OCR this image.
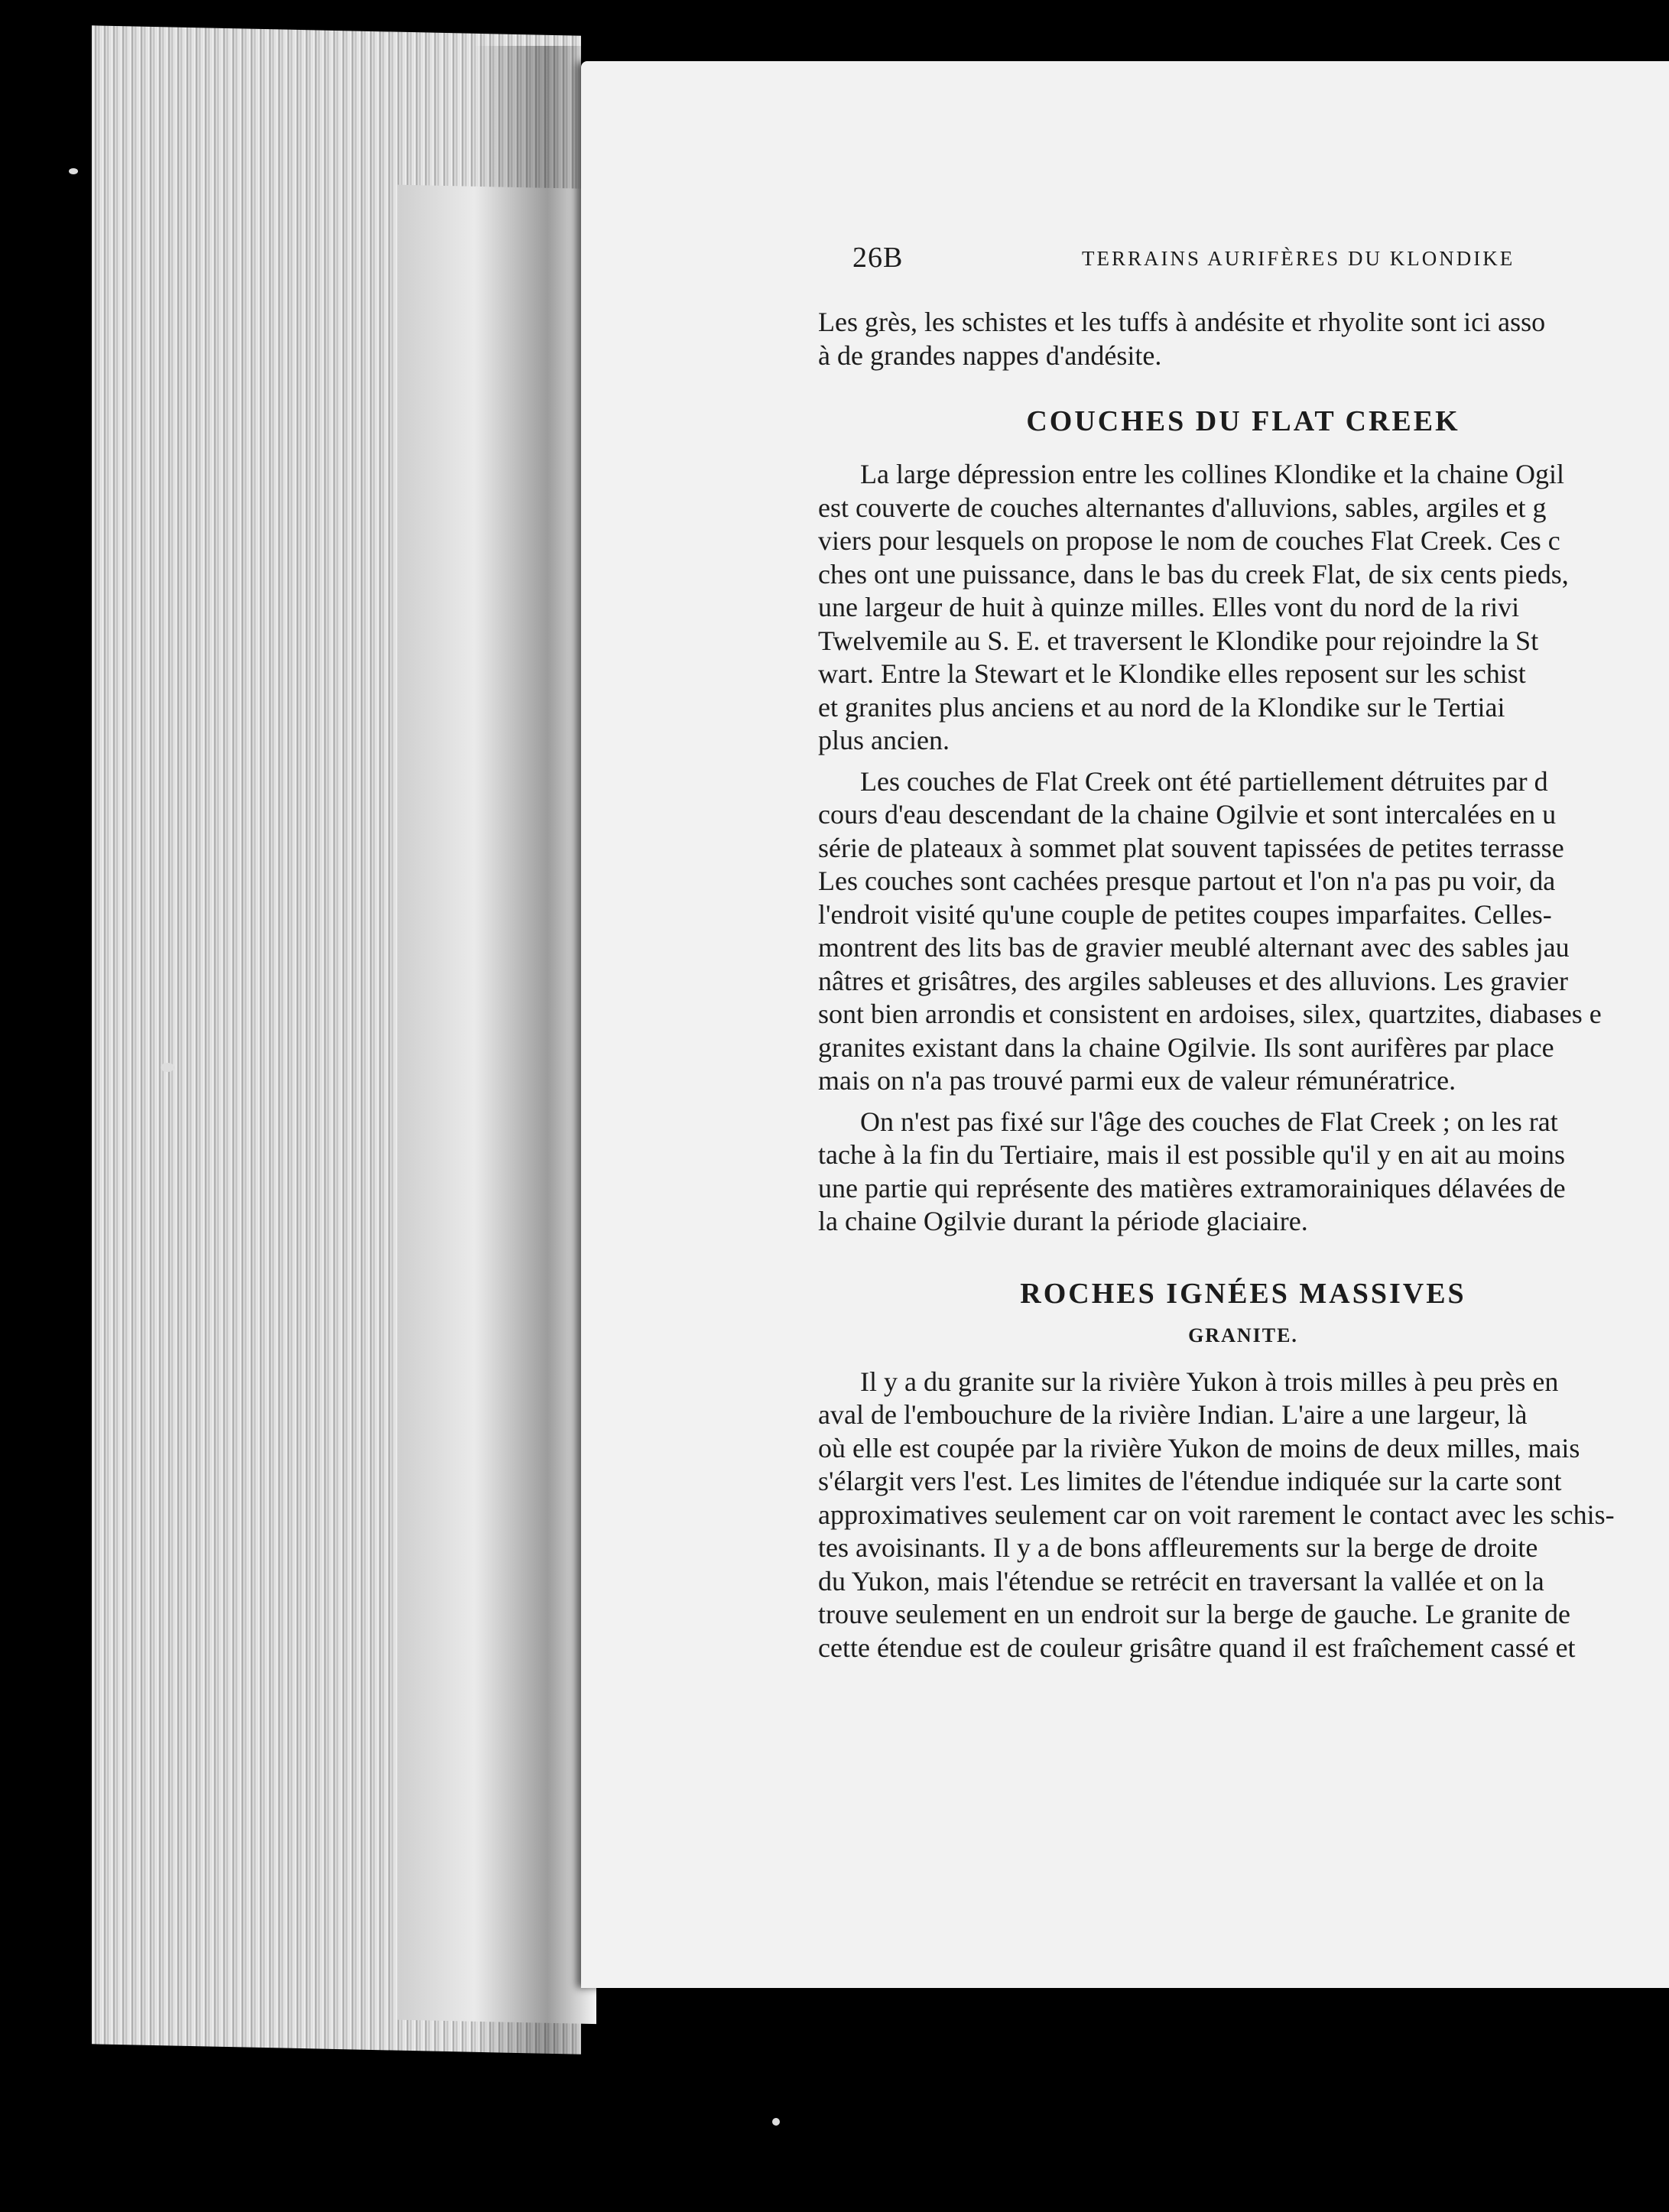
26B	TERRAINS AURIFÈRES DU KLONDIKE

Les grès, les schistes et les tuffs à andésite et rhyolite sont ici asso

à de grandes nappes d'andésite.

COUCHES DU FLAT CREEK

La large dépression entre les collines Klondike et la chaine Ogil

est couverte de couches alternantes d'alluvions, sables, argiles et g

viers pour lesquels on propose le nom de couches Flat Creek. Ces c

ches ont une puissance, dans le bas du creek Flat, de six cents pieds,

une largeur de huit à quinze milles. Elles vont du nord de la rivi

Twelvemile au S. E. et traversent le Klondike pour rejoindre la St

wart. Entre la Stewart et le Klondike elles reposent sur les schist

et granites plus anciens et au nord de la Klondike sur le Tertiai

plus ancien.

Les couches de Flat Creek ont été partiellement détruites par d

cours d'eau descendant de la chaine Ogilvie et sont intercalées en u

série de plateaux à sommet plat souvent tapissées de petites terrasse

Les couches sont cachées presque partout et l'on n'a pas pu voir, da

l'endroit visité qu'une couple de petites coupes imparfaites. Celles-

montrent des lits bas de gravier meublé alternant avec des sables jau

nâtres et grisâtres, des argiles sableuses et des alluvions. Les gravier

sont bien arrondis et consistent en ardoises, silex, quartzites, diabases e

granites existant dans la chaine Ogilvie. Ils sont aurifères par place

mais on n'a pas trouvé parmi eux de valeur rémunératrice.

On n'est pas fixé sur l'âge des couches de Flat Creek ; on les rat

tache à la fin du Tertiaire, mais il est possible qu'il y en ait au moins

une partie qui représente des matières extramorainiques délavées de

la chaine Ogilvie durant la période glaciaire.

ROCHES IGNÉES MASSIVES
GRANITE.

Il y a du granite sur la rivière Yukon à trois milles à peu près en

aval de l'embouchure de la rivière Indian. L'aire a une largeur, là

où elle est coupée par la rivière Yukon de moins de deux milles, mais

s'élargit vers l'est. Les limites de l'étendue indiquée sur la carte sont

approximatives seulement car on voit rarement le contact avec les schis-

tes avoisinants. Il y a de bons affleurements sur la berge de droite

du Yukon, mais l'étendue se retrécit en traversant la vallée et on la

trouve seulement en un endroit sur la berge de gauche. Le granite de

cette étendue est de couleur grisâtre quand il est fraîchement cassé et
